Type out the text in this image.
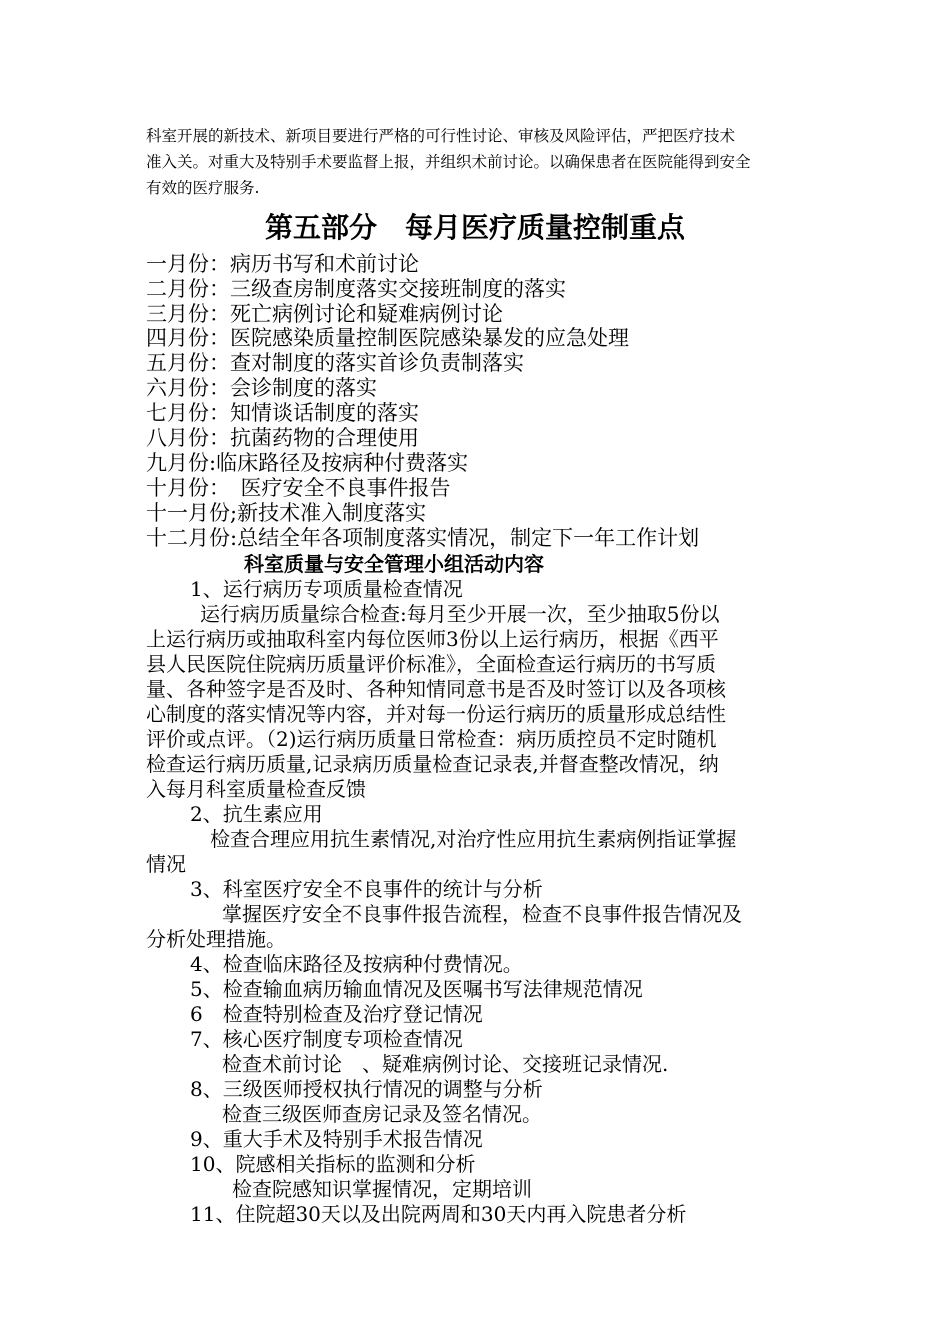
科室开展的新技术、新项目要进行严格的可行性讨论、审核及风险评估，严把医疗技术
准入关。对重大及特别手术要监督上报，并组织术前讨论。以确保患者在医院能得到安全
有效的医疗服务.
第五部分　每月医疗质量控制重点
一月份：病历书写和术前讨论
二月份：三级查房制度落实交接班制度的落实
三月份：死亡病例讨论和疑难病例讨论
四月份：医院感染质量控制医院感染暴发的应急处理
五月份：查对制度的落实首诊负责制落实
六月份：会诊制度的落实
七月份：知情谈话制度的落实
八月份：抗菌药物的合理使用
九月份:临床路径及按病种付费落实
十月份：　医疗安全不良事件报告
十一月份;新技术准入制度落实
十二月份:总结全年各项制度落实情况，制定下一年工作计划
科室质量与安全管理小组活动内容
1、运行病历专项质量检查情况
运行病历质量综合检查:每月至少开展一次，至少抽取5份以
上运行病历或抽取科室内每位医师3份以上运行病历，根据《西平
县人民医院住院病历质量评价标准》，全面检查运行病历的书写质
量、各种签字是否及时、各种知情同意书是否及时签订以及各项核
心制度的落实情况等内容，并对每一份运行病历的质量形成总结性
评价或点评。（2)运行病历质量日常检查：病历质控员不定时随机
检查运行病历质量,记录病历质量检查记录表,并督查整改情况，纳
入每月科室质量检查反馈
2、抗生素应用
检查合理应用抗生素情况,对治疗性应用抗生素病例指证掌握
情况
3、科室医疗安全不良事件的统计与分析
掌握医疗安全不良事件报告流程，检查不良事件报告情况及
分析处理措施。
4、检查临床路径及按病种付费情况。
5、检查输血病历输血情况及医嘱书写法律规范情况
6　检查特别检查及治疗登记情况
7、核心医疗制度专项检查情况
检查术前讨论　、疑难病例讨论、交接班记录情况.
8、三级医师授权执行情况的调整与分析
检查三级医师查房记录及签名情况。
9、重大手术及特别手术报告情况
10、院感相关指标的监测和分析
检查院感知识掌握情况，定期培训
11、住院超30天以及出院两周和30天内再入院患者分析
